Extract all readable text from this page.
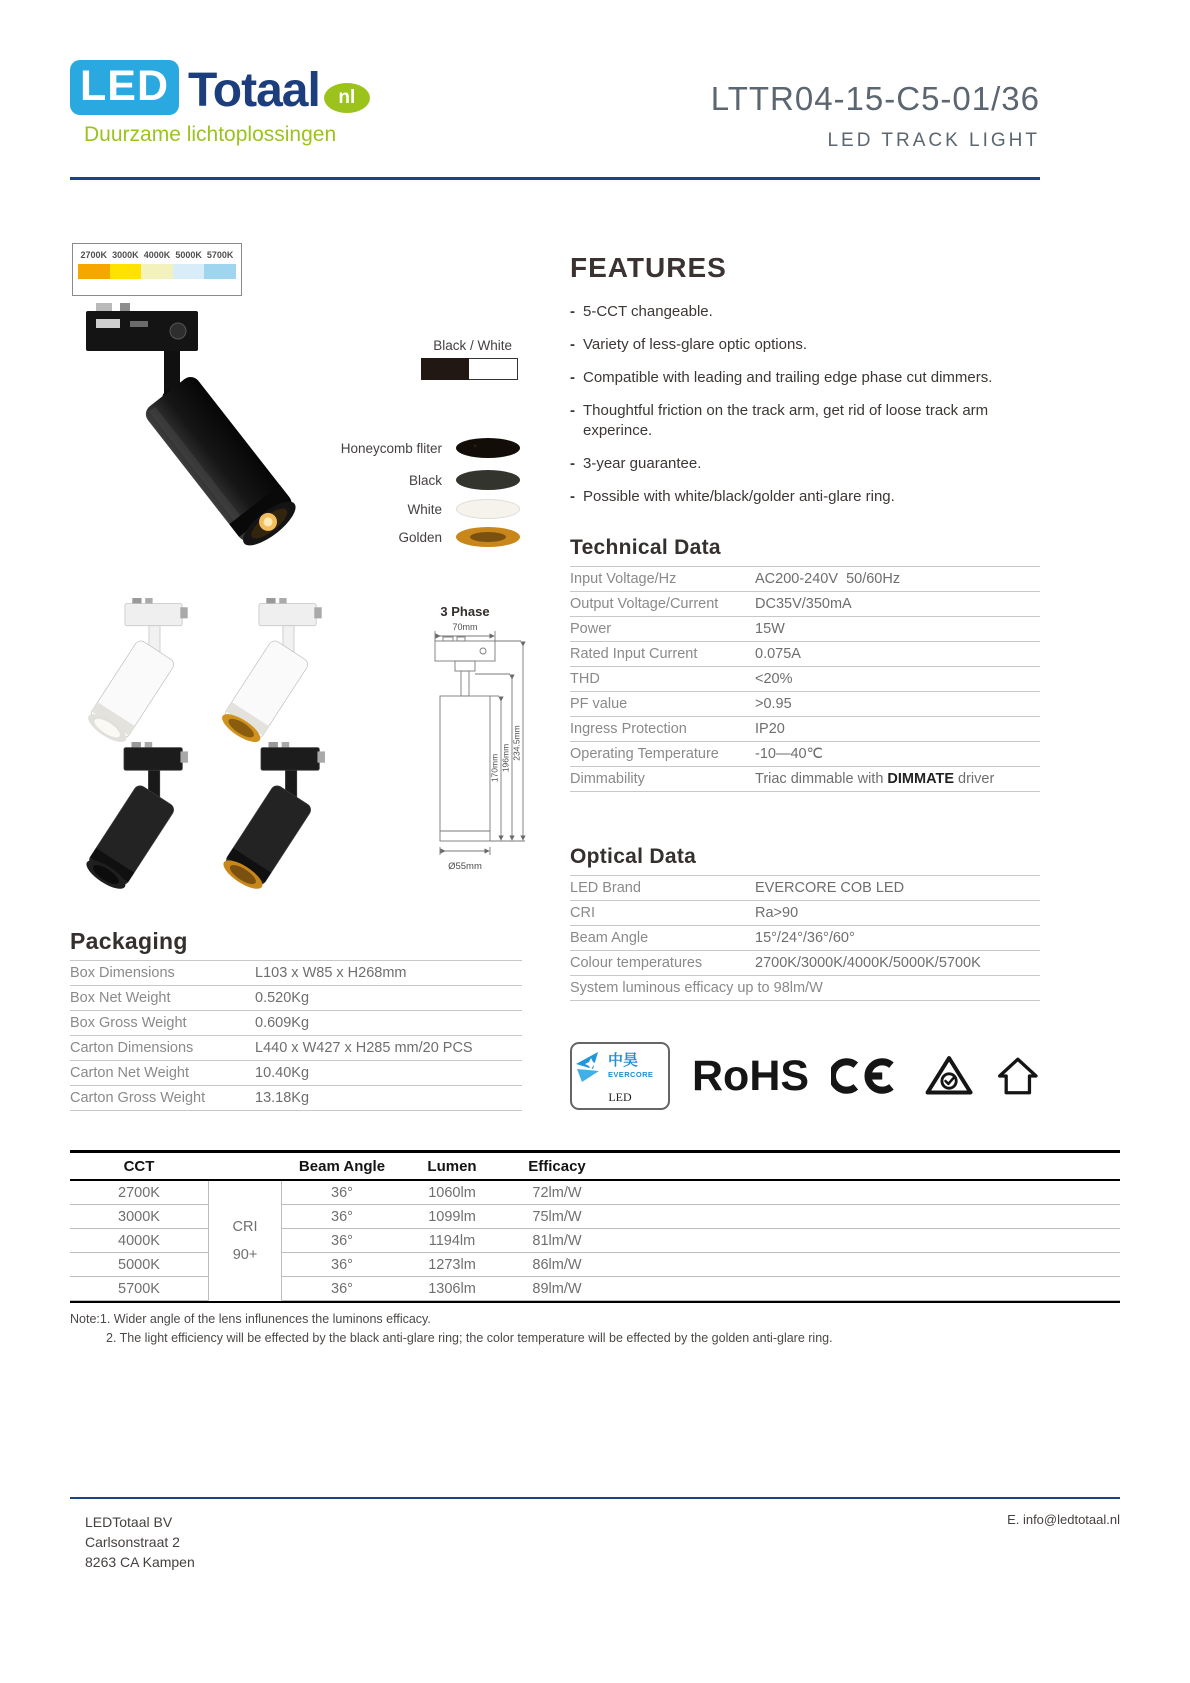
LED Totaal nl
Duurzame lichtoplossingen
LTTR04-15-C5-01/36
LED TRACK LIGHT
2700K 3000K 4000K 5000K 5700K
Black / White
Honeycomb fliter
Black
White
Golden
3 Phase
70mm
170mm 196mm 234.5mm
Ø55mm
FEATURES
- 5-CCT changeable.
- Variety of less-glare optic options.
- Compatible with leading and trailing edge phase cut dimmers.
- Thoughtful friction on the track arm, get rid of loose track arm experince.
- 3-year guarantee.
- Possible with white/black/golder anti-glare ring.
Technical Data
Input Voltage/Hz	AC200-240V  50/60Hz
Output Voltage/Current	DC35V/350mA
Power	15W
Rated Input Current	0.075A
THD	<20%
PF value	>0.95
Ingress Protection	IP20
Operating Temperature	-10—40℃
Dimmability	Triac dimmable with DIMMATE driver
Optical Data
LED Brand	EVERCORE COB LED
CRI	Ra>90
Beam Angle	15°/24°/36°/60°
Colour temperatures	2700K/3000K/4000K/5000K/5700K
System luminous efficacy up to 98lm/W
Packaging
Box Dimensions	L103 x W85 x H268mm
Box Net Weight	0.520Kg
Box Gross Weight	0.609Kg
Carton Dimensions	L440 x W427 x H285 mm/20 PCS
Carton Net Weight	10.40Kg
Carton Gross Weight	13.18Kg
中昊
EVERCORE
LED RoHS
CCT	Beam Angle	Lumen	Efficacy
2700K	36°	1060lm	72lm/W
3000K	36°	1099lm	75lm/W
4000K	36°	1194lm	81lm/W
5000K	36°	1273lm	86lm/W
5700K	36°	1306lm	89lm/W
CRI
90+
Note:1. Wider angle of the lens influnences the luminons efficacy.
2. The light efficiency will be effected by the black anti-glare ring; the color temperature will be effected by the golden anti-glare ring.
LEDTotaal BV
Carlsonstraat 2
8263 CA Kampen
E. info@ledtotaal.nl
